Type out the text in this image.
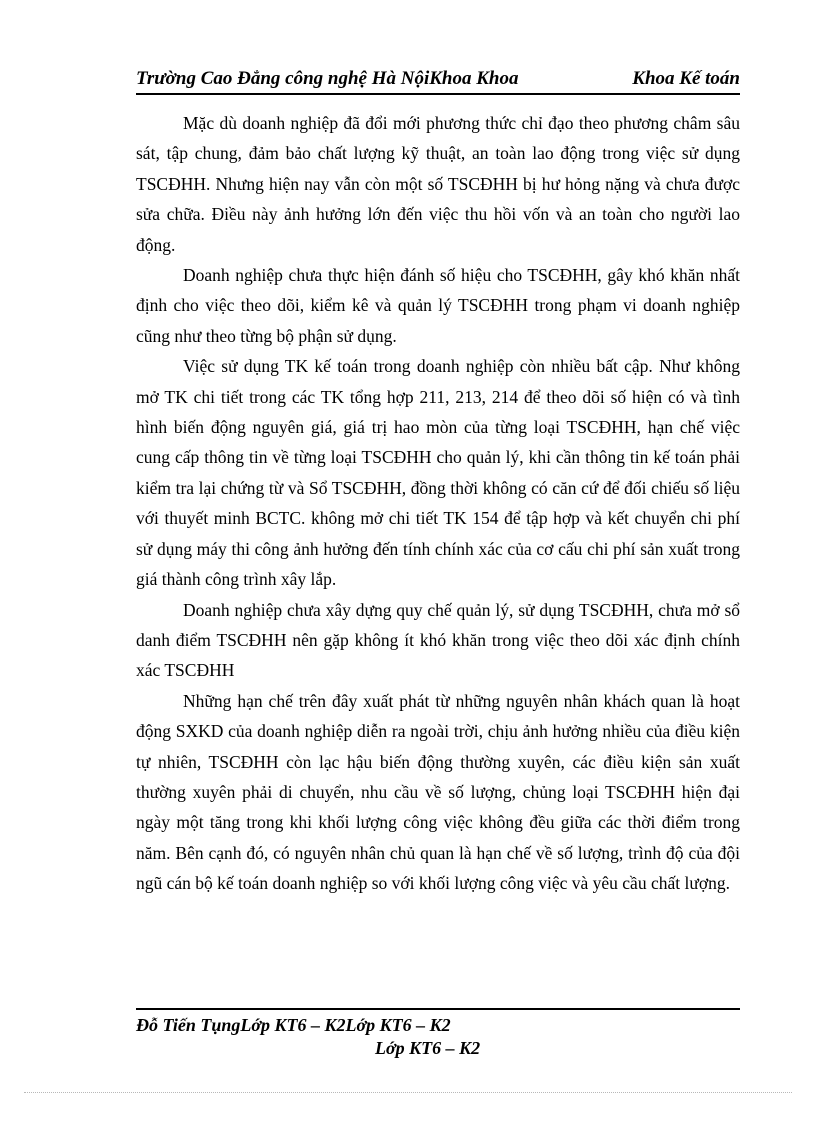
Trường Cao Đẳng công nghệ Hà NộiKhoa Khoa	Khoa Kế toán

Mặc dù doanh nghiệp đã đổi mới phương thức chỉ đạo theo phương châm sâu sát, tập chung, đảm bảo chất lượng kỹ thuật, an toàn lao động trong việc sử dụng TSCĐHH. Nhưng hiện nay vẫn còn một số TSCĐHH bị hư hỏng nặng và chưa được sửa chữa. Điều này ảnh hưởng lớn đến việc thu hồi vốn và an toàn cho người lao động.

Doanh nghiệp chưa thực hiện đánh số hiệu cho TSCĐHH, gây khó khăn nhất định cho việc theo dõi, kiểm kê và quản lý TSCĐHH trong phạm vi doanh nghiệp cũng như theo từng bộ phận sử dụng.

Việc sử dụng TK kế toán trong doanh nghiệp còn nhiều bất cập. Như không mở TK chi tiết trong các TK tổng hợp 211, 213, 214 để theo dõi số hiện có và tình hình biến động nguyên giá, giá trị hao mòn của từng loại TSCĐHH, hạn chế việc cung cấp thông tin về từng loại TSCĐHH cho quản lý, khi cần thông tin kế toán phải kiểm tra lại chứng từ và Sổ TSCĐHH, đồng thời không có căn cứ để đối chiếu số liệu với thuyết minh BCTC. không mở chi tiết TK 154 để tập hợp và kết chuyển chi phí sử dụng máy thi công ảnh hưởng đến tính chính xác của cơ cấu chi phí sản xuất trong giá thành công trình xây lắp.

Doanh nghiệp chưa xây dựng quy chế quản lý, sử dụng TSCĐHH, chưa mở sổ danh điểm TSCĐHH nên gặp không ít khó khăn trong việc theo dõi xác định chính xác TSCĐHH

Những hạn chế trên đây xuất phát từ những nguyên nhân khách quan là hoạt động SXKD của doanh nghiệp diễn ra ngoài trời, chịu ảnh hưởng nhiều của điều kiện tự nhiên, TSCĐHH còn lạc hậu biến động thường xuyên, các điều kiện sản xuất thường xuyên phải di chuyển, nhu cầu về số lượng, chủng loại TSCĐHH hiện đại ngày một tăng trong khi khối lượng công việc không đều giữa các thời điểm trong năm. Bên cạnh đó, có nguyên nhân chủ quan là hạn chế về số lượng, trình độ của đội ngũ cán bộ kế toán doanh nghiệp so với khối lượng công việc và yêu cầu chất lượng.

Đỗ Tiến TụngLớp KT6 – K2Lớp KT6 – K2
Lớp KT6 – K2
